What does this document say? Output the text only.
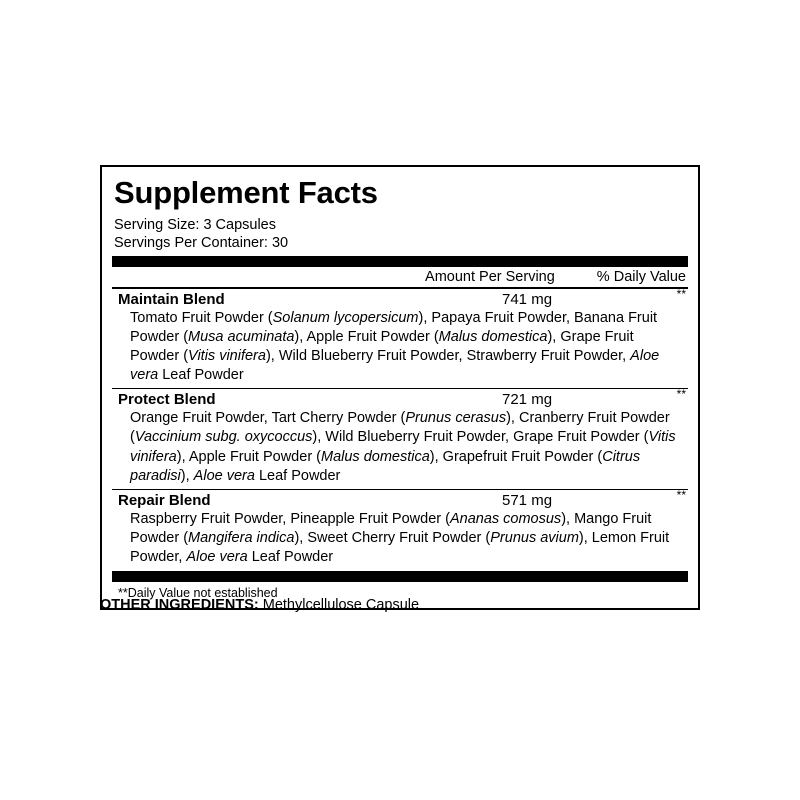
Supplement Facts
Serving Size: 3 Capsules
Servings Per Container: 30
Amount Per Serving	% Daily Value
Maintain Blend	741 mg	**
Tomato Fruit Powder (Solanum lycopersicum), Papaya Fruit Powder, Banana Fruit Powder (Musa acuminata), Apple Fruit Powder (Malus domestica), Grape Fruit Powder (Vitis vinifera), Wild Blueberry Fruit Powder, Strawberry Fruit Powder, Aloe vera Leaf Powder
Protect Blend	721 mg	**
Orange Fruit Powder, Tart Cherry Powder (Prunus cerasus), Cranberry Fruit Powder (Vaccinium subg. oxycoccus), Wild Blueberry Fruit Powder, Grape Fruit Powder (Vitis vinifera), Apple Fruit Powder (Malus domestica), Grapefruit Fruit Powder (Citrus paradisi), Aloe vera Leaf Powder
Repair Blend	571 mg	**
Raspberry Fruit Powder, Pineapple Fruit Powder (Ananas comosus), Mango Fruit Powder (Mangifera indica), Sweet Cherry Fruit Powder (Prunus avium), Lemon Fruit Powder, Aloe vera Leaf Powder
**Daily Value not established
OTHER INGREDIENTS: Methylcellulose Capsule
